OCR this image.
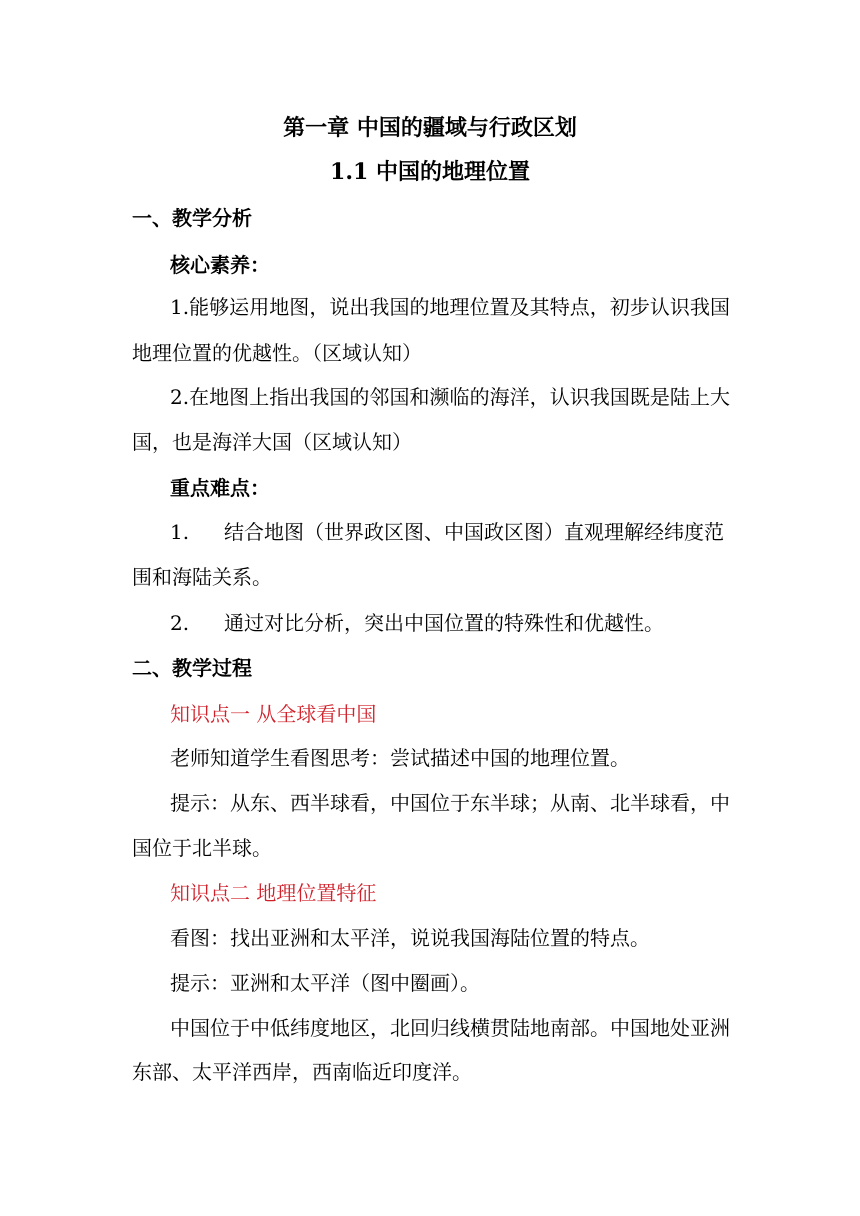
第一章 中国的疆域与行政区划
1.1 中国的地理位置
一、教学分析
核心素养：
1.能够运用地图，说出我国的地理位置及其特点，初步认识我国
地理位置的优越性。（区域认知）
2.在地图上指出我国的邻国和濒临的海洋，认识我国既是陆上大
国，也是海洋大国（区域认知）
重点难点：
1. 结合地图（世界政区图、中国政区图）直观理解经纬度范
围和海陆关系。
2. 通过对比分析，突出中国位置的特殊性和优越性。
二、教学过程
知识点一 从全球看中国
老师知道学生看图思考：尝试描述中国的地理位置。
提示：从东、西半球看，中国位于东半球；从南、北半球看，中
国位于北半球。
知识点二 地理位置特征
看图：找出亚洲和太平洋，说说我国海陆位置的特点。
提示：亚洲和太平洋（图中圈画）。
中国位于中低纬度地区，北回归线横贯陆地南部。中国地处亚洲
东部、太平洋西岸，西南临近印度洋。
